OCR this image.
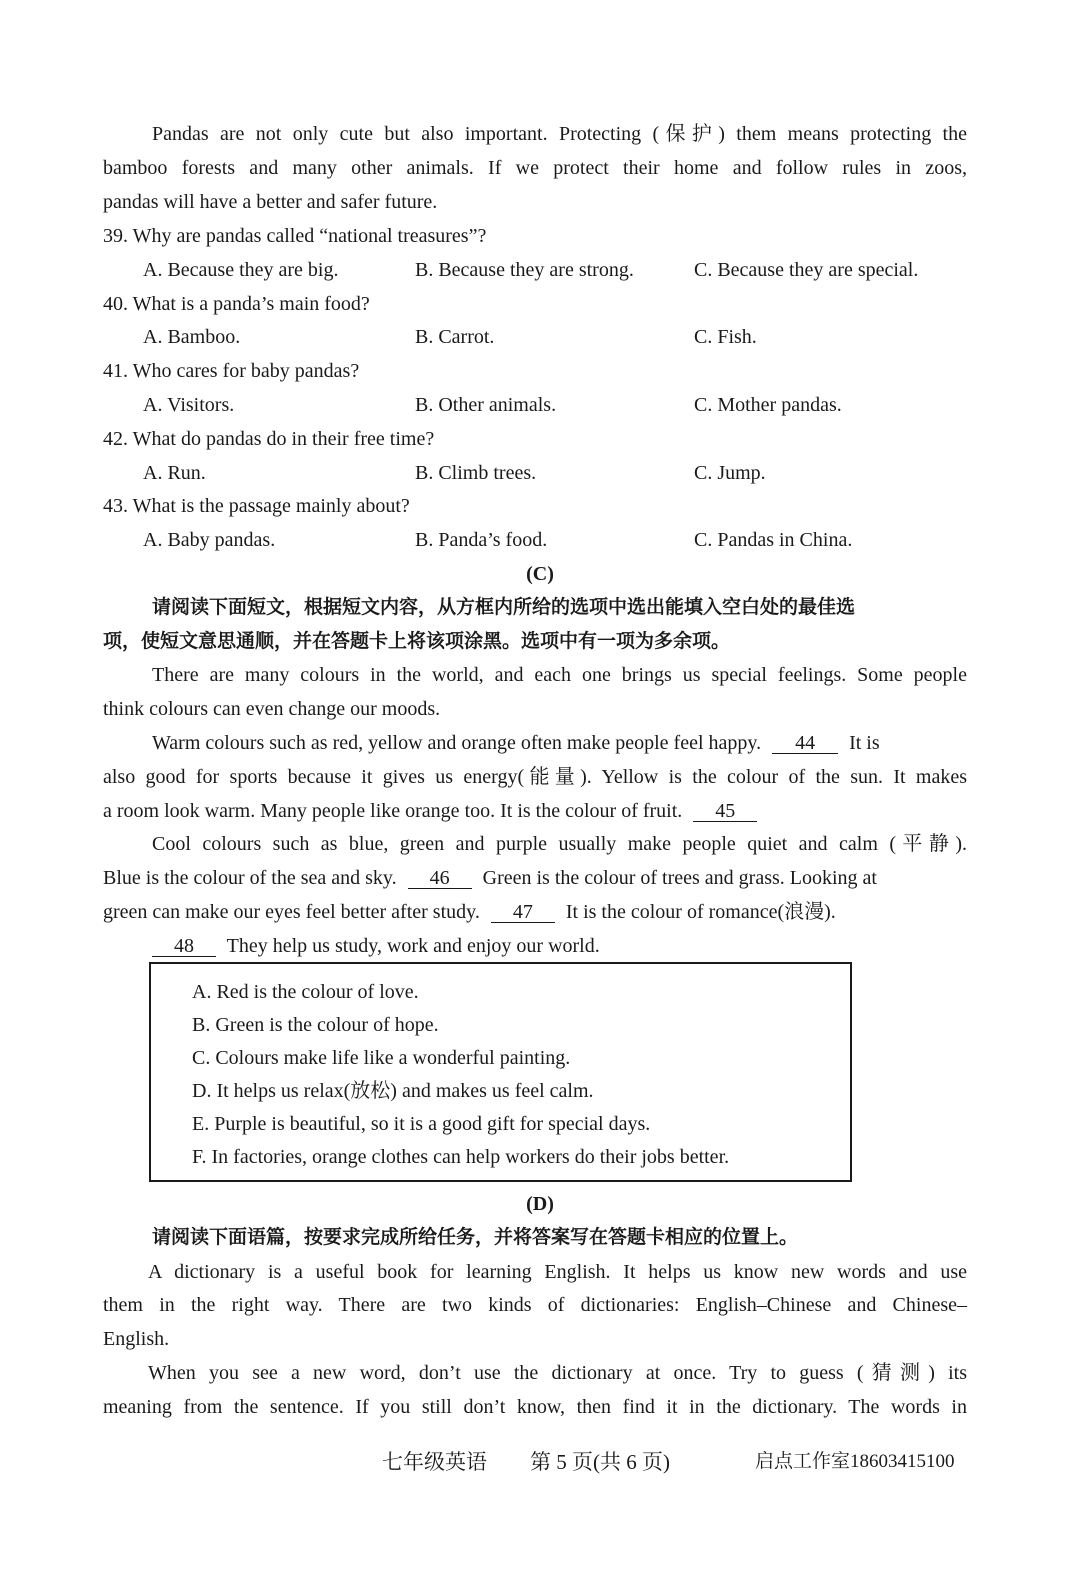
Pandas are not only cute but also important. Protecting (保护) them means protecting the
bamboo forests and many other animals. If we protect their home and follow rules in zoos,
pandas will have a better and safer future.
39. Why are pandas called “national treasures”?
A. Because they are big.	B. Because they are strong.	C. Because they are special.
40. What is a panda’s main food?
A. Bamboo.	B. Carrot.	C. Fish.
41. Who cares for baby pandas?
A. Visitors.	B. Other animals.	C. Mother pandas.
42. What do pandas do in their free time?
A. Run.	B. Climb trees.	C. Jump.
43. What is the passage mainly about?
A. Baby pandas.	B. Panda’s food.	C. Pandas in China.
(C)
请阅读下面短文，根据短文内容，从方框内所给的选项中选出能填入空白处的最佳选
项，使短文意思通顺，并在答题卡上将该项涂黑。选项中有一项为多余项。
There are many colours in the world, and each one brings us special feelings. Some people
think colours can even change our moods.
Warm colours such as red, yellow and orange often make people feel happy. 44 It is
also good for sports because it gives us energy(能量). Yellow is the colour of the sun. It makes
a room look warm. Many people like orange too. It is the colour of fruit. 45
Cool colours such as blue, green and purple usually make people quiet and calm (平静).
Blue is the colour of the sea and sky. 46 Green is the colour of trees and grass. Looking at
green can make our eyes feel better after study. 47 It is the colour of romance(浪漫).
48 They help us study, work and enjoy our world.
A. Red is the colour of love.
B. Green is the colour of hope.
C. Colours make life like a wonderful painting.
D. It helps us relax(放松) and makes us feel calm.
E. Purple is beautiful, so it is a good gift for special days.
F. In factories, orange clothes can help workers do their jobs better.
(D)
请阅读下面语篇，按要求完成所给任务，并将答案写在答题卡相应的位置上。
A dictionary is a useful book for learning English. It helps us know new words and use
them in the right way. There are two kinds of dictionaries: English–Chinese and Chinese–
English.
When you see a new word, don’t use the dictionary at once. Try to guess (猜测) its
meaning from the sentence. If you still don’t know, then find it in the dictionary. The words in
七年级英语 第 5 页(共 6 页)	启点工作室18603415100
